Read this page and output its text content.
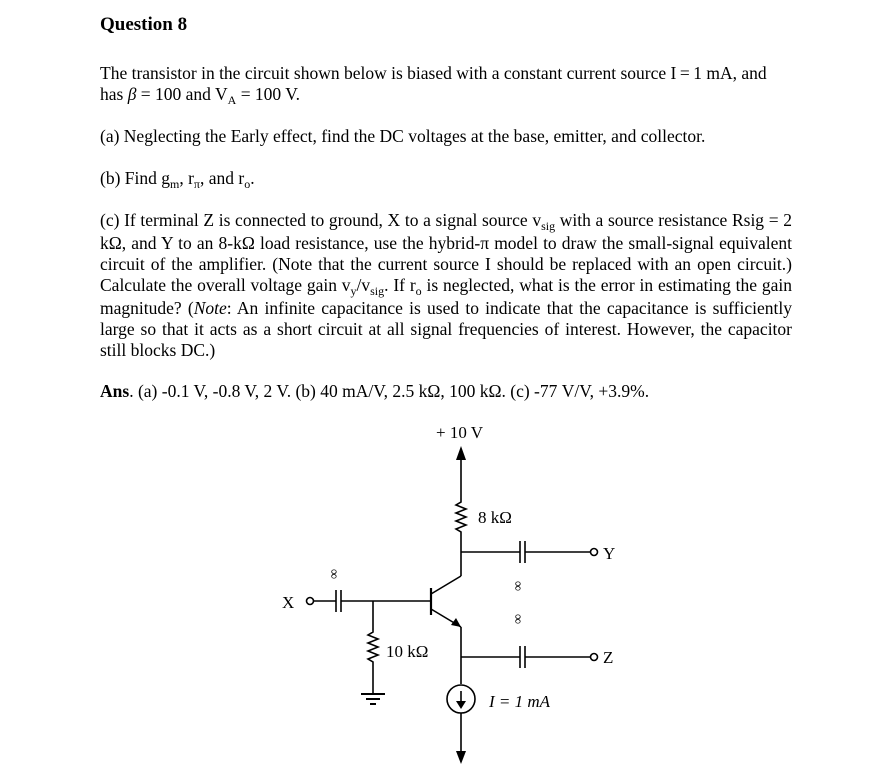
Question 8
The transistor in the circuit shown below is biased with a constant current source I = 1 mA, and
has β = 100 and $V_A = 100$ V.
(a) Neglecting the Early effect, find the DC voltages at the base, emitter, and collector.
(b) Find $g_m$, $r_\pi$, and $r_o$.
(c) If terminal Z is connected to ground, X to a signal source $v_{sig}$ with a source resistance Rsig = 2 kΩ, and Y to an 8-kΩ load resistance, use the hybrid-π model to draw the small-signal equivalent circuit of the amplifier. (Note that the current source I should be replaced with an open circuit.) Calculate the overall voltage gain $v_y/v_{sig}$. If $r_o$ is neglected, what is the error in estimating the gain magnitude? (Note: An infinite capacitance is used to indicate that the capacitance is sufficiently large so that it acts as a short circuit at all signal frequencies of interest. However, the capacitor still blocks DC.)
Ans. (a) -0.1 V, -0.8 V, 2 V. (b) 40 mA/V, 2.5 kΩ, 100 kΩ. (c) -77 V/V, +3.9%.
+ 10 V
8 kΩ
10 kΩ
I = 1 mA
X
Y
Z
∞
∞
∞
